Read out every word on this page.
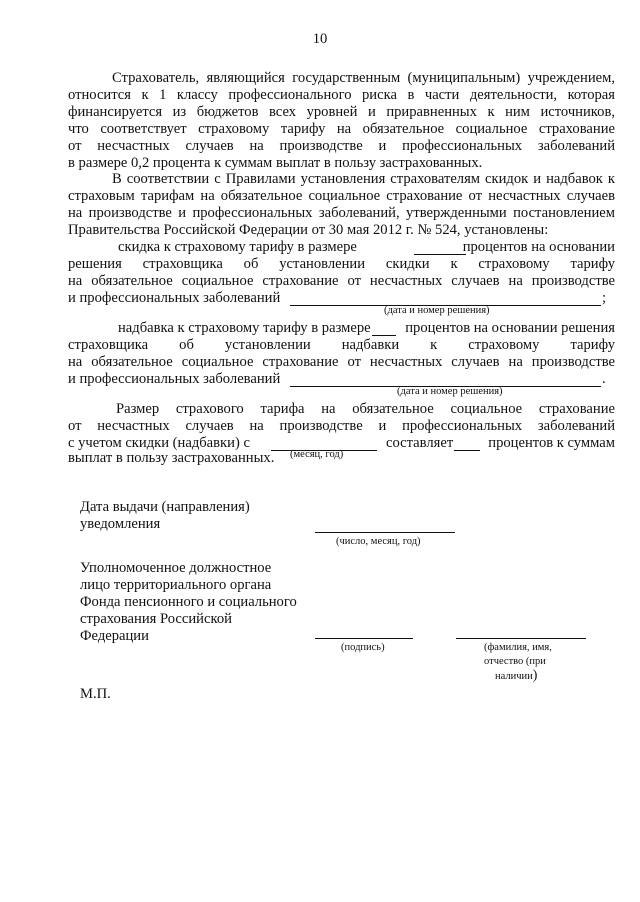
10
Страхователь, являющийся государственным (муниципальным) учреждением,
относится к 1 классу профессионального риска в части деятельности, которая
финансируется из бюджетов всех уровней и приравненных к ним источников,
что соответствует страховому тарифу на обязательное социальное страхование
от несчастных случаев на производстве и профессиональных заболеваний
в размере 0,2 процента к суммам выплат в пользу застрахованных.
В соответствии с Правилами установления страхователям скидок и надбавок к
страховым тарифам на обязательное социальное страхование от несчастных случаев
на производстве и профессиональных заболеваний, утвержденными постановлением
Правительства Российской Федерации от 30 мая 2012 г. № 524, установлены:
скидка к страховому тарифу в размере	процентов на основании
решения страховщика об установлении скидки к страховому тарифу
на обязательное социальное страхование от несчастных случаев на производстве
и профессиональных заболеваний	;
(дата и номер решения)
надбавка к страховому тарифу в размере процентов на основании решения
страховщика об установлении надбавки к страховому тарифу
на обязательное социальное страхование от несчастных случаев на производстве
и профессиональных заболеваний	.
(дата и номер решения)
Размер страхового тарифа на обязательное социальное страхование
от несчастных случаев на производстве и профессиональных заболеваний
с учетом скидки (надбавки) с	составляет процентов к суммам
(месяц, год)
выплат в пользу застрахованных.
Дата выдачи (направления)
уведомления
(число, месяц, год)
Уполномоченное должностное
лицо территориального органа
Фонда пенсионного и социального
страхования Российской
Федерации
(подпись)	(фамилия, имя,
отчество (при
наличии)
М.П.
